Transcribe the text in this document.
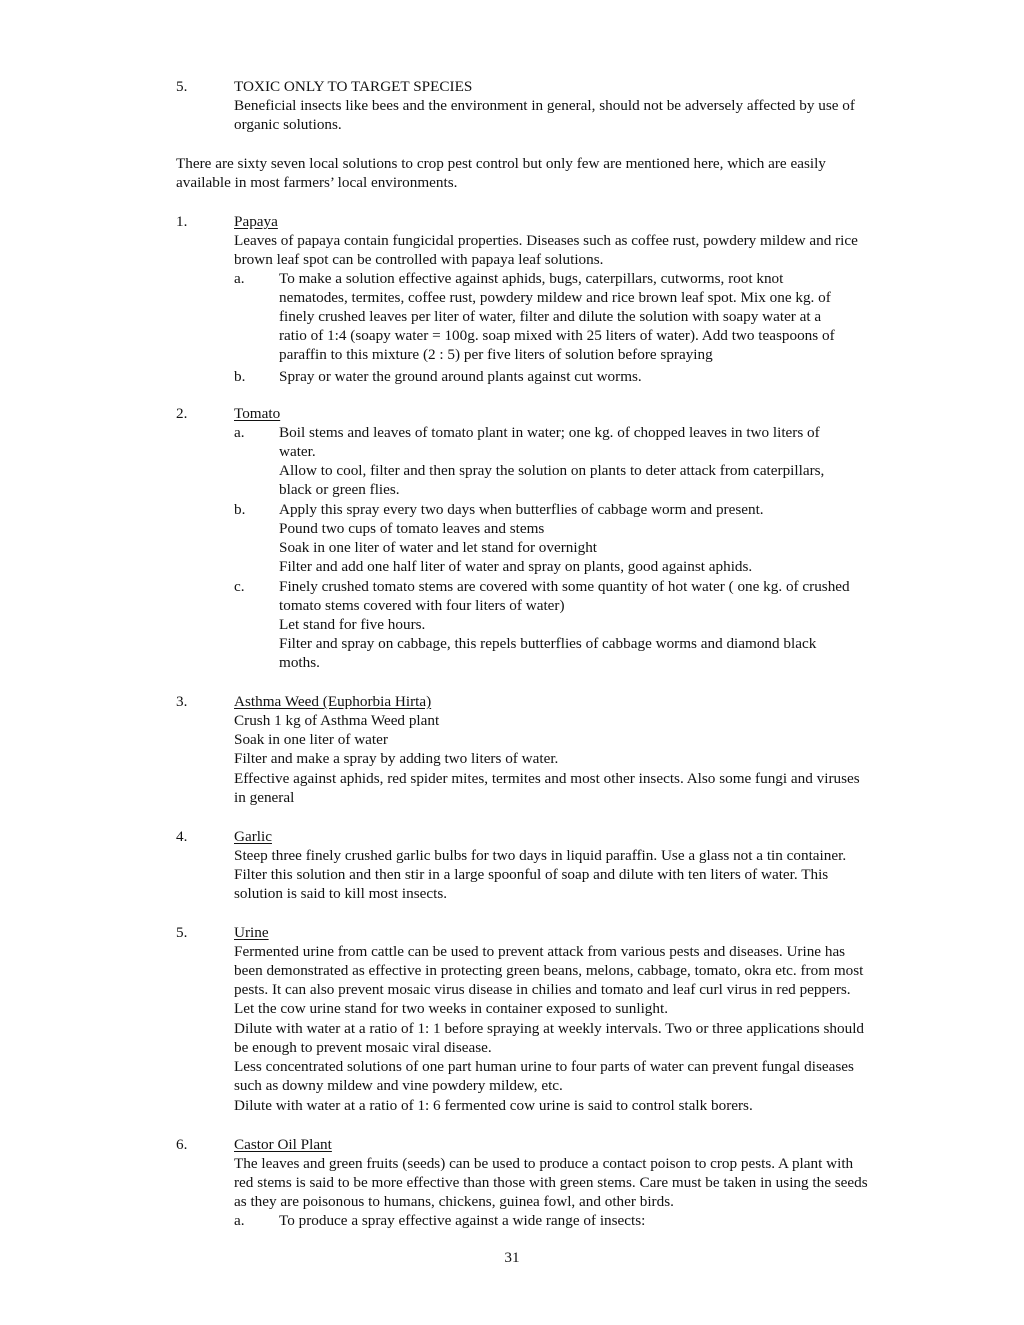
5.	TOXIC ONLY TO TARGET SPECIES
Beneficial insects like bees and the environment in general, should not be adversely affected by use of
organic solutions.
There are sixty seven local solutions to crop pest control but only few are mentioned here, which are easily
available in most farmers’ local environments.
1.	Papaya
Leaves of papaya contain fungicidal properties. Diseases such as coffee rust, powdery mildew and rice
brown leaf spot can be controlled with papaya leaf solutions.
a. To make a solution effective against aphids, bugs, caterpillars, cutworms, root knot
nematodes, termites, coffee rust, powdery mildew and rice brown leaf spot. Mix one kg. of
finely crushed leaves per liter of water, filter and dilute the solution with soapy water at a
ratio of 1:4 (soapy water = 100g. soap mixed with 25 liters of water). Add two teaspoons of
paraffin to this mixture (2 : 5) per five liters of solution before spraying
b. Spray or water the ground around plants against cut worms.
2.	Tomato
a. Boil stems and leaves of tomato plant in water; one kg. of chopped leaves in two liters of
water.
Allow to cool, filter and then spray the solution on plants to deter attack from caterpillars,
black or green flies.
b. Apply this spray every two days when butterflies of cabbage worm and present.
Pound two cups of tomato leaves and stems
Soak in one liter of water and let stand for overnight
Filter and add one half liter of water and spray on plants, good against aphids.
c. Finely crushed tomato stems are covered with some quantity of hot water ( one kg. of crushed
tomato stems covered with four liters of water)
Let stand for five hours.
Filter and spray on cabbage, this repels butterflies of cabbage worms and diamond black
moths.
3.	Asthma Weed (Euphorbia Hirta)
Crush 1 kg of Asthma Weed plant
Soak in one liter of water
Filter and make a spray by adding two liters of water.
Effective against aphids, red spider mites, termites and most other insects. Also some fungi and viruses
in general
4.	Garlic
Steep three finely crushed garlic bulbs for two days in liquid paraffin. Use a glass not a tin container.
Filter this solution and then stir in a large spoonful of soap and dilute with ten liters of water. This
solution is said to kill most insects.
5.	Urine
Fermented urine from cattle can be used to prevent attack from various pests and diseases. Urine has
been demonstrated as effective in protecting green beans, melons, cabbage, tomato, okra etc. from most
pests. It can also prevent mosaic virus disease in chilies and tomato and leaf curl virus in red peppers.
Let the cow urine stand for two weeks in container exposed to sunlight.
Dilute with water at a ratio of 1: 1 before spraying at weekly intervals. Two or three applications should
be enough to prevent mosaic viral disease.
Less concentrated solutions of one part human urine to four parts of water can prevent fungal diseases
such as downy mildew and vine powdery mildew, etc.
Dilute with water at a ratio of 1: 6 fermented cow urine is said to control stalk borers.
6.	Castor Oil Plant
The leaves and green fruits (seeds) can be used to produce a contact poison to crop pests. A plant with
red stems is said to be more effective than those with green stems. Care must be taken in using the seeds
as they are poisonous to humans, chickens, guinea fowl, and other birds.
a. To produce a spray effective against a wide range of insects:
31
